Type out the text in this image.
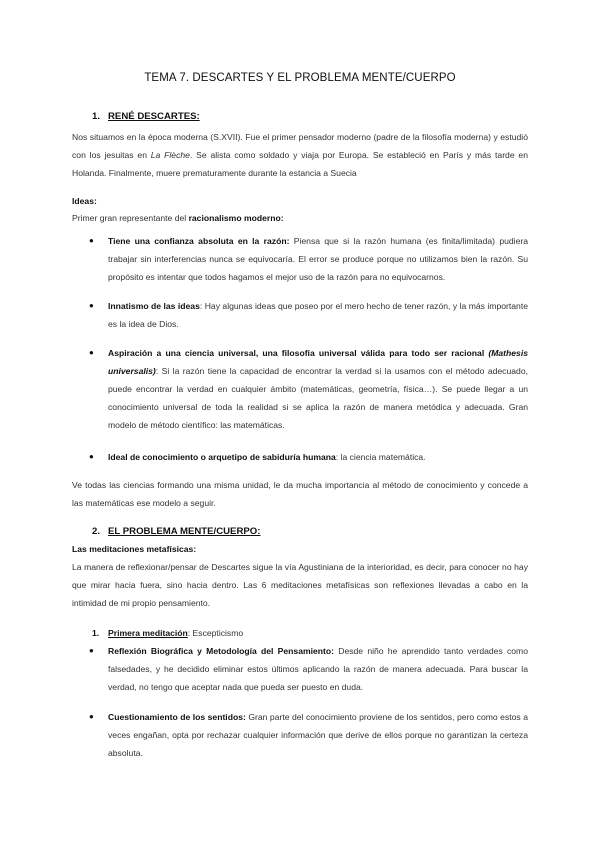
TEMA 7. DESCARTES Y EL PROBLEMA MENTE/CUERPO
1. RENÉ DESCARTES:
Nos situamos en la época moderna (S.XVII). Fue el primer pensador moderno (padre de la filosofía moderna) y estudió con los jesuitas en La Flèche. Se alista como soldado y viaja por Europa. Se estableció en París y más tarde en Holanda. Finalmente, muere prematuramente durante la estancia a Suecia
Ideas:
Primer gran representante del racionalismo moderno:
● Tiene una confianza absoluta en la razón: Piensa que si la razón humana (es finita/limitada) pudiera trabajar sin interferencias nunca se equivocaría. El error se produce porque no utilizamos bien la razón. Su propósito es intentar que todos hagamos el mejor uso de la razón para no equivocarnos.
● Innatismo de las ideas: Hay algunas ideas que poseo por el mero hecho de tener razón, y la más importante es la idea de Dios.
● Aspiración a una ciencia universal, una filosofía universal válida para todo ser racional (Mathesis universalis): Si la razón tiene la capacidad de encontrar la verdad si la usamos con el método adecuado, puede encontrar la verdad en cualquier ámbito (matemáticas, geometría, física…). Se puede llegar a un conocimiento universal de toda la realidad si se aplica la razón de manera metódica y adecuada. Gran modelo de método científico: las matemáticas.
● Ideal de conocimiento o arquetipo de sabiduría humana: la ciencia matemática.
Ve todas las ciencias formando una misma unidad, le da mucha importancia al método de conocimiento y concede a las matemáticas ese modelo a seguir.
2. EL PROBLEMA MENTE/CUERPO:
Las meditaciones metafísicas:
La manera de reflexionar/pensar de Descartes sigue la vía Agustiniana de la interioridad, es decir, para conocer no hay que mirar hacia fuera, sino hacia dentro. Las 6 meditaciones metafísicas son reflexiones llevadas a cabo en la intimidad de mi propio pensamiento.
1. Primera meditación: Escepticismo
● Reflexión Biográfica y Metodología del Pensamiento: Desde niño he aprendido tanto verdades como falsedades, y he decidido eliminar estos últimos aplicando la razón de manera adecuada. Para buscar la verdad, no tengo que aceptar nada que pueda ser puesto en duda.
● Cuestionamiento de los sentidos: Gran parte del conocimiento proviene de los sentidos, pero como estos a veces engañan, opta por rechazar cualquier información que derive de ellos porque no garantizan la certeza absoluta.
